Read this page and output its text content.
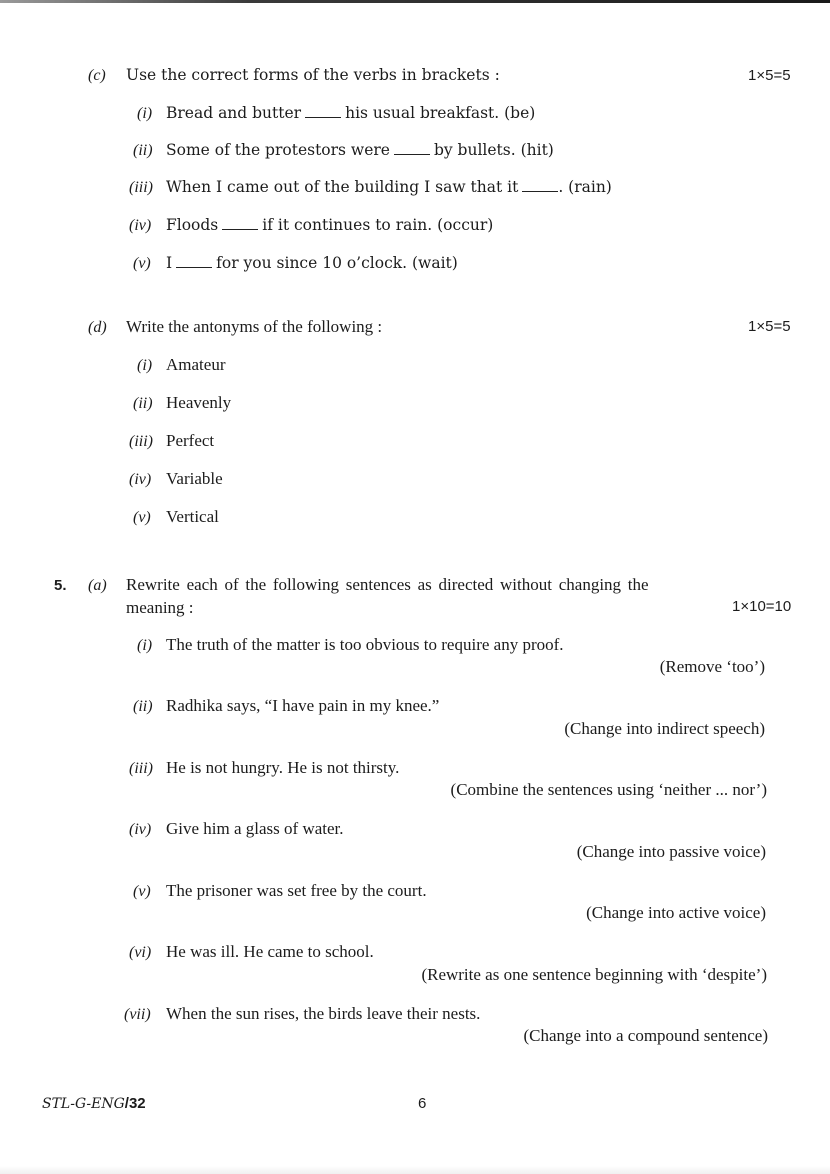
(c) Use the correct forms of the verbs in brackets :	1×5=5
(i) Bread and butter	his usual breakfast. (be)
(ii) Some of the protestors were	by bullets. (hit)
(iii) When I came out of the building I saw that it	. (rain)
(iv) Floods	if it continues to rain. (occur)
(v) I	for you since 10 o’clock. (wait)
(d) Write the antonyms of the following :	1×5=5
(i) Amateur
(ii) Heavenly
(iii) Perfect
(iv) Variable
(v) Vertical
5. (a) Rewrite each of the following sentences as directed without changing the
meaning :	1×10=10
(i) The truth of the matter is too obvious to require any proof.
(Remove ‘too’)
(ii) Radhika says, “I have pain in my knee.”
(Change into indirect speech)
(iii) He is not hungry. He is not thirsty.
(Combine the sentences using ‘neither ... nor’)
(iv) Give him a glass of water.
(Change into passive voice)
(v) The prisoner was set free by the court.
(Change into active voice)
(vi) He was ill. He came to school.
(Rewrite as one sentence beginning with ‘despite’)
(vii) When the sun rises, the birds leave their nests.
(Change into a compound sentence)
STL-G-ENG/32	6
